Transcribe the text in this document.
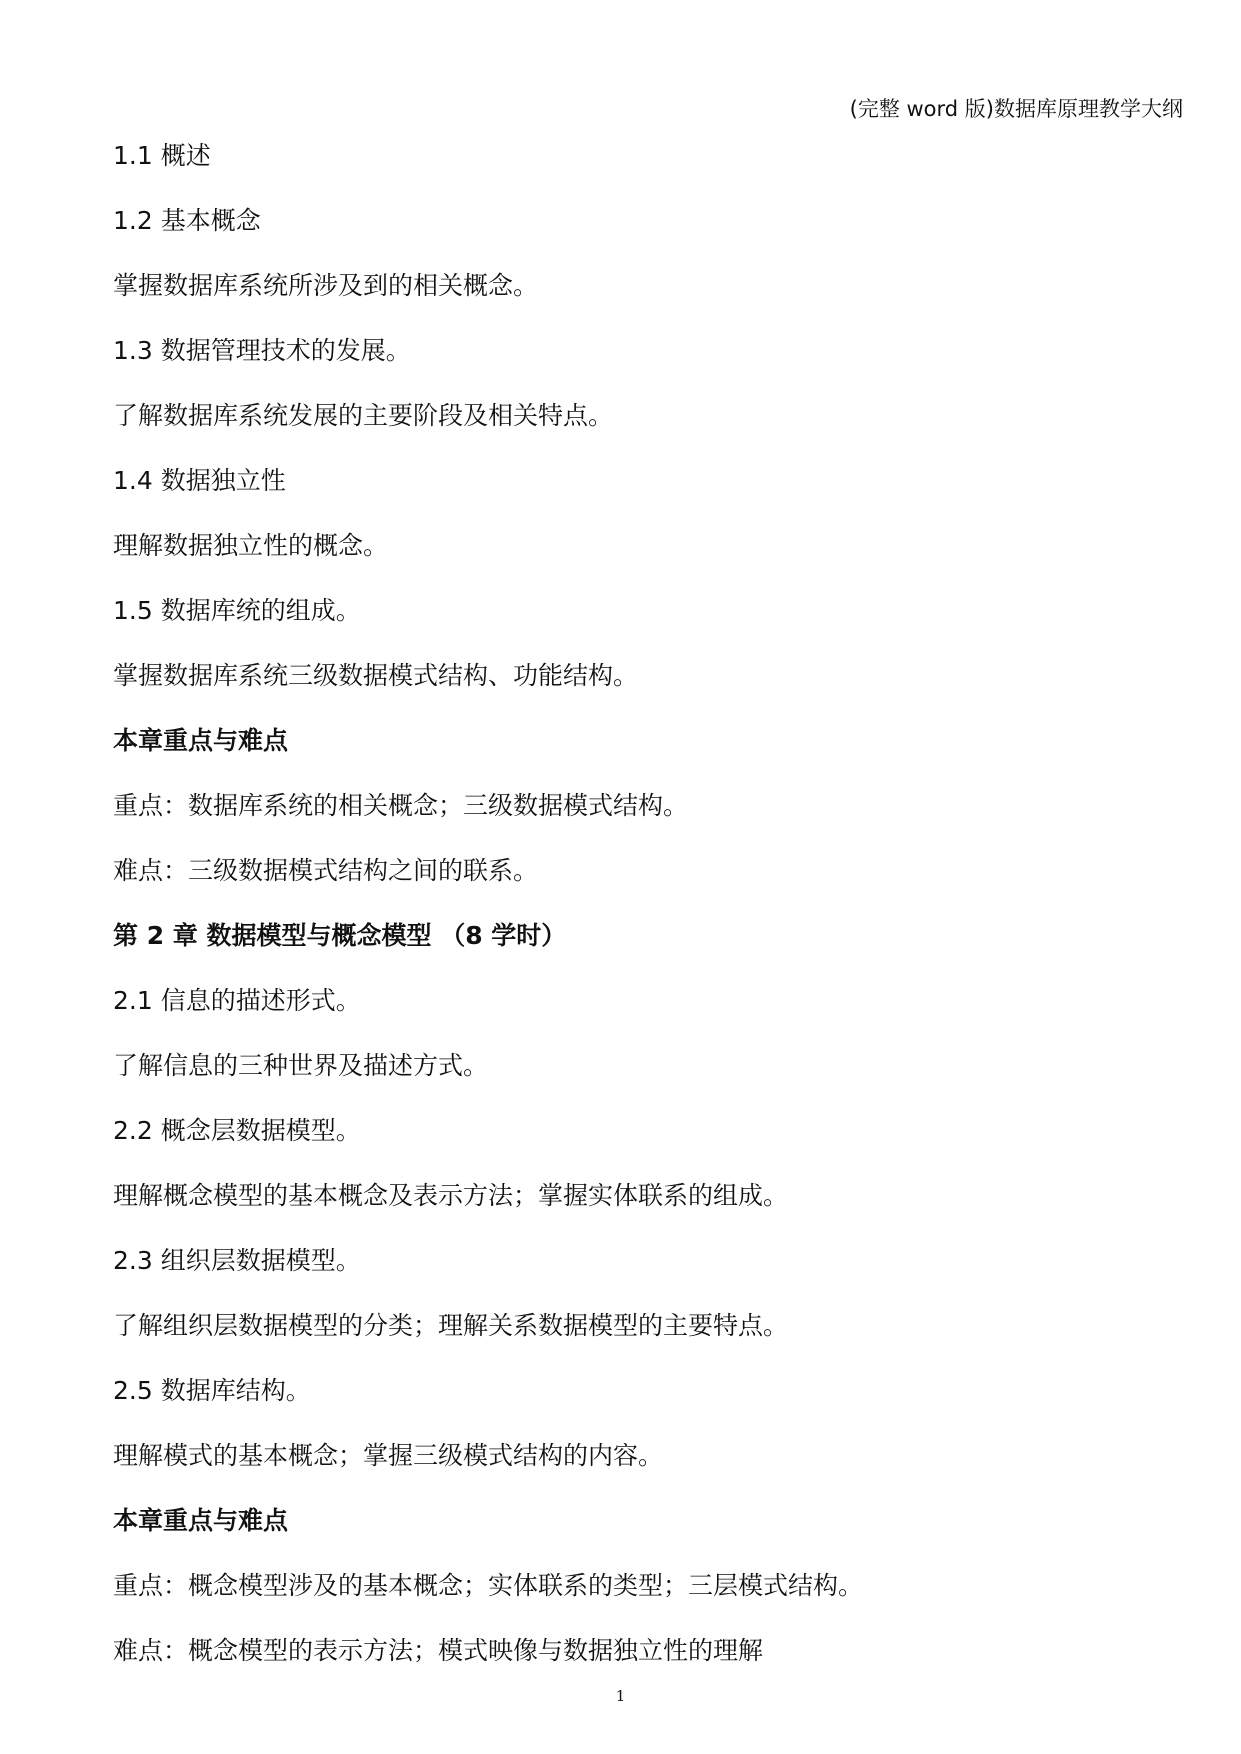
(完整 word 版)数据库原理教学大纲
1.1 概述
1.2 基本概念
掌握数据库系统所涉及到的相关概念。
1.3 数据管理技术的发展。
了解数据库系统发展的主要阶段及相关特点。
1.4 数据独立性
理解数据独立性的概念。
1.5 数据库统的组成。
掌握数据库系统三级数据模式结构、功能结构。
本章重点与难点
重点：数据库系统的相关概念；三级数据模式结构。
难点：三级数据模式结构之间的联系。
第 2 章 数据模型与概念模型 （8 学时）
2.1 信息的描述形式。
了解信息的三种世界及描述方式。
2.2 概念层数据模型。
理解概念模型的基本概念及表示方法；掌握实体联系的组成。
2.3 组织层数据模型。
了解组织层数据模型的分类；理解关系数据模型的主要特点。
2.5 数据库结构。
理解模式的基本概念；掌握三级模式结构的内容。
本章重点与难点
重点：概念模型涉及的基本概念；实体联系的类型；三层模式结构。
难点：概念模型的表示方法；模式映像与数据独立性的理解
1
